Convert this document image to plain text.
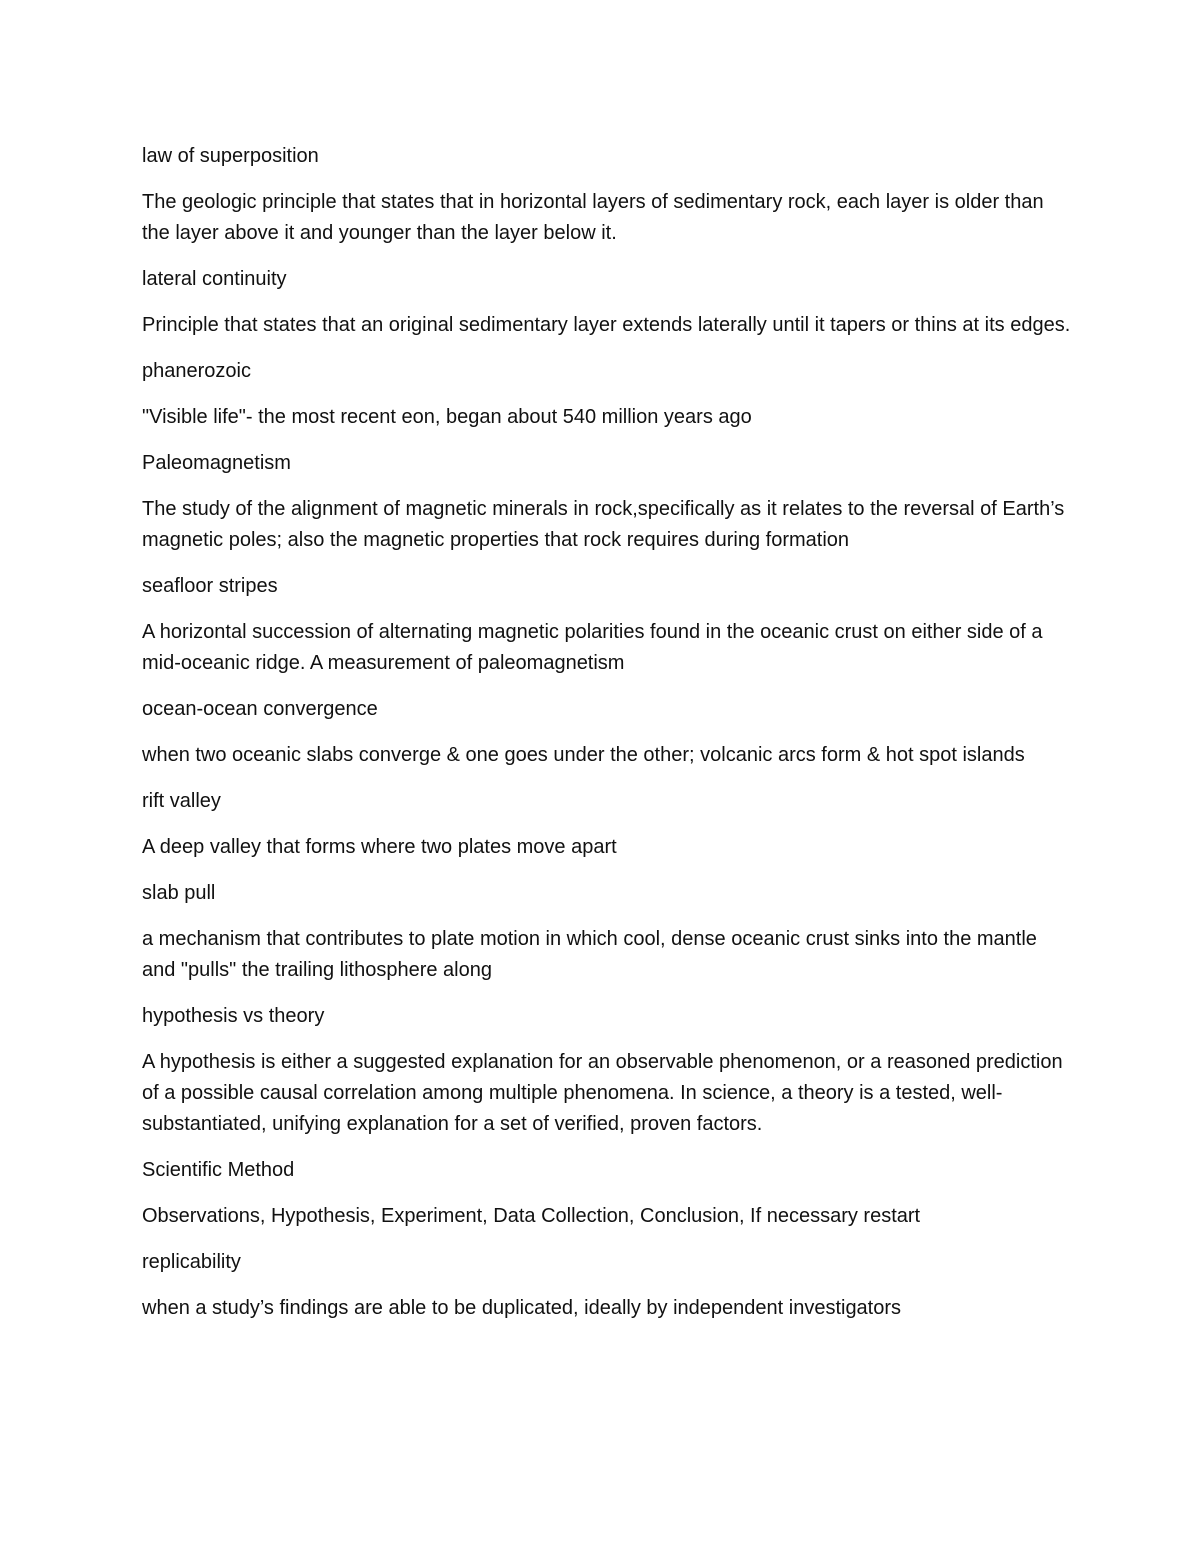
law of superposition

The geologic principle that states that in horizontal layers of sedimentary rock, each layer is older than the layer above it and younger than the layer below it.

lateral continuity

Principle that states that an original sedimentary layer extends laterally until it tapers or thins at its edges.

phanerozoic

"Visible life"- the most recent eon, began about 540 million years ago

Paleomagnetism

The study of the alignment of magnetic minerals in rock,specifically as it relates to the reversal of Earth’s magnetic poles; also the magnetic properties that rock requires during formation

seafloor stripes

A horizontal succession of alternating magnetic polarities found in the oceanic crust on either side of a mid-oceanic ridge. A measurement of paleomagnetism

ocean-ocean convergence

when two oceanic slabs converge & one goes under the other; volcanic arcs form & hot spot islands

rift valley

A deep valley that forms where two plates move apart

slab pull

a mechanism that contributes to plate motion in which cool, dense oceanic crust sinks into the mantle and "pulls" the trailing lithosphere along

hypothesis vs theory

A hypothesis is either a suggested explanation for an observable phenomenon, or a reasoned prediction of a possible causal correlation among multiple phenomena. In science, a theory is a tested, well-substantiated, unifying explanation for a set of verified, proven factors.

Scientific Method

Observations, Hypothesis, Experiment, Data Collection, Conclusion, If necessary restart

replicability

when a study’s findings are able to be duplicated, ideally by independent investigators
